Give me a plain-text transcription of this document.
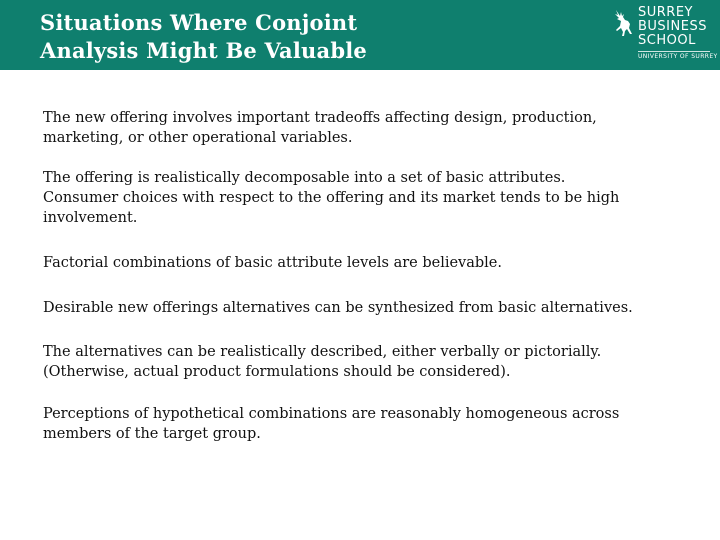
Situations Where Conjoint
Analysis Might Be Valuable
SURREY
BUSINESS
SCHOOL
UNIVERSITY OF SURREY

The new offering involves important tradeoffs affecting design, production, marketing, or other operational variables.

The offering is realistically decomposable into a set of basic attributes.

Consumer choices with respect to the offering and its market tends to be high involvement.

Factorial combinations of basic attribute levels are believable.

Desirable new offerings alternatives can be synthesized from basic alternatives.

The alternatives can be realistically described, either verbally or pictorially. (Otherwise, actual product formulations should be considered).

Perceptions of hypothetical combinations are reasonably homogeneous across members of the target group.
